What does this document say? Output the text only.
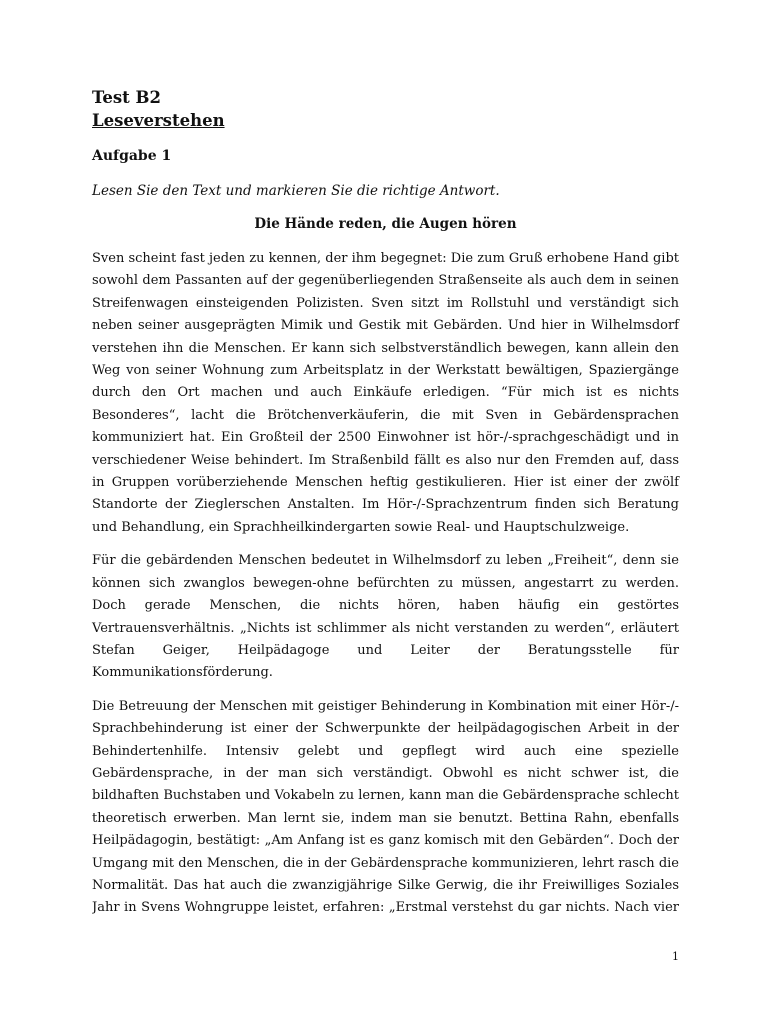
Test B2
Leseverstehen
Aufgabe 1
Lesen Sie den Text und markieren Sie die richtige Antwort.
Die Hände reden, die Augen hören

Sven scheint fast jeden zu kennen, der ihm begegnet: Die zum Gruß erhobene Hand gibt sowohl dem Passanten auf der gegenüberliegenden Straßenseite als auch dem in seinen Streifenwagen einsteigenden Polizisten. Sven sitzt im Rollstuhl und verständigt sich neben seiner ausgeprägten Mimik und Gestik mit Gebärden. Und hier in Wilhelmsdorf verstehen ihn die Menschen. Er kann sich selbstverständlich bewegen, kann allein den Weg von seiner Wohnung zum Arbeitsplatz in der Werkstatt bewältigen, Spaziergänge durch den Ort machen und auch Einkäufe erledigen. “Für mich ist es nichts Besonderes“, lacht die Brötchenverkäuferin, die mit Sven in Gebärdensprachen kommuniziert hat. Ein Großteil der 2500 Einwohner ist hör-/-sprachgeschädigt und in verschiedener Weise behindert. Im Straßenbild fällt es also nur den Fremden auf, dass in Gruppen vorüberziehende Menschen heftig gestikulieren. Hier ist einer der zwölf Standorte der Zieglerschen Anstalten. Im Hör-/-Sprachzentrum finden sich Beratung und Behandlung, ein Sprachheilkindergarten sowie Real- und Hauptschulzweige.

Für die gebärdenden Menschen bedeutet in Wilhelmsdorf zu leben „Freiheit“, denn sie können sich zwanglos bewegen-ohne befürchten zu müssen, angestarrt zu werden. Doch gerade Menschen, die nichts hören, haben häufig ein gestörtes Vertrauensverhältnis. „Nichts ist schlimmer als nicht verstanden zu werden“, erläutert Stefan Geiger, Heilpädagoge und Leiter der Beratungsstelle für Kommunikationsförderung.

Die Betreuung der Menschen mit geistiger Behinderung in Kombination mit einer Hör-/-Sprachbehinderung ist einer der Schwerpunkte der heilpädagogischen Arbeit in der Behindertenhilfe. Intensiv gelebt und gepflegt wird auch eine spezielle Gebärdensprache, in der man sich verständigt. Obwohl es nicht schwer ist, die bildhaften Buchstaben und Vokabeln zu lernen, kann man die Gebärdensprache schlecht theoretisch erwerben. Man lernt sie, indem man sie benutzt. Bettina Rahn, ebenfalls Heilpädagogin, bestätigt: „Am Anfang ist es ganz komisch mit den Gebärden“. Doch der Umgang mit den Menschen, die in der Gebärdensprache kommunizieren, lehrt rasch die Normalität. Das hat auch die zwanzigjährige Silke Gerwig, die ihr Freiwilliges Soziales Jahr in Svens Wohngruppe leistet, erfahren: „Erstmal verstehst du gar nichts. Nach vier

1
